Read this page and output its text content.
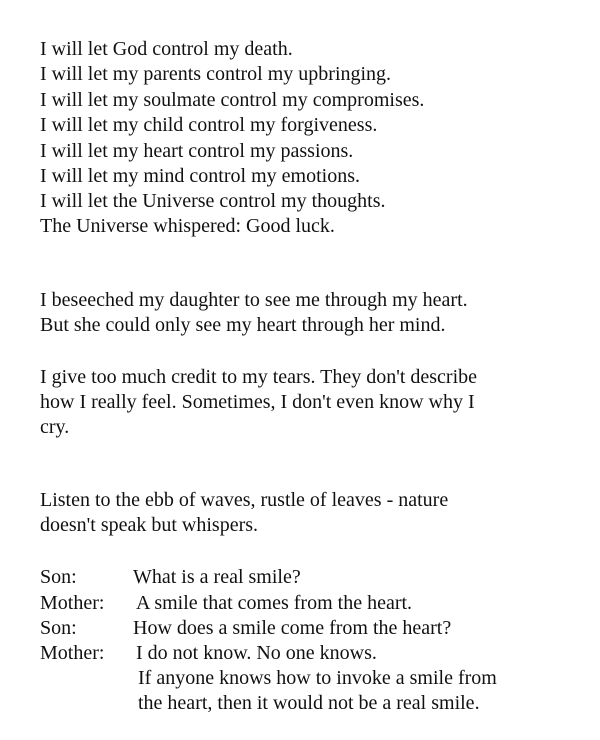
I will let God control my death.
I will let my parents control my upbringing.
I will let my soulmate control my compromises.
I will let my child control my forgiveness.
I will let my heart control my passions.
I will let my mind control my emotions.
I will let the Universe control my thoughts.
The Universe whispered: Good luck.
I beseeched my daughter to see me through my heart.
But she could only see my heart through her mind.
I give too much credit to my tears. They don't describe
how I really feel. Sometimes, I don't even know why I
cry.
Listen to the ebb of waves, rustle of leaves - nature
doesn't speak but whispers.
Son:	What is a real smile?
Mother: A smile that comes from the heart.
Son:	How does a smile come from the heart?
Mother: I do not know. No one knows.
If anyone knows how to invoke a smile from
the heart, then it would not be a real smile.
